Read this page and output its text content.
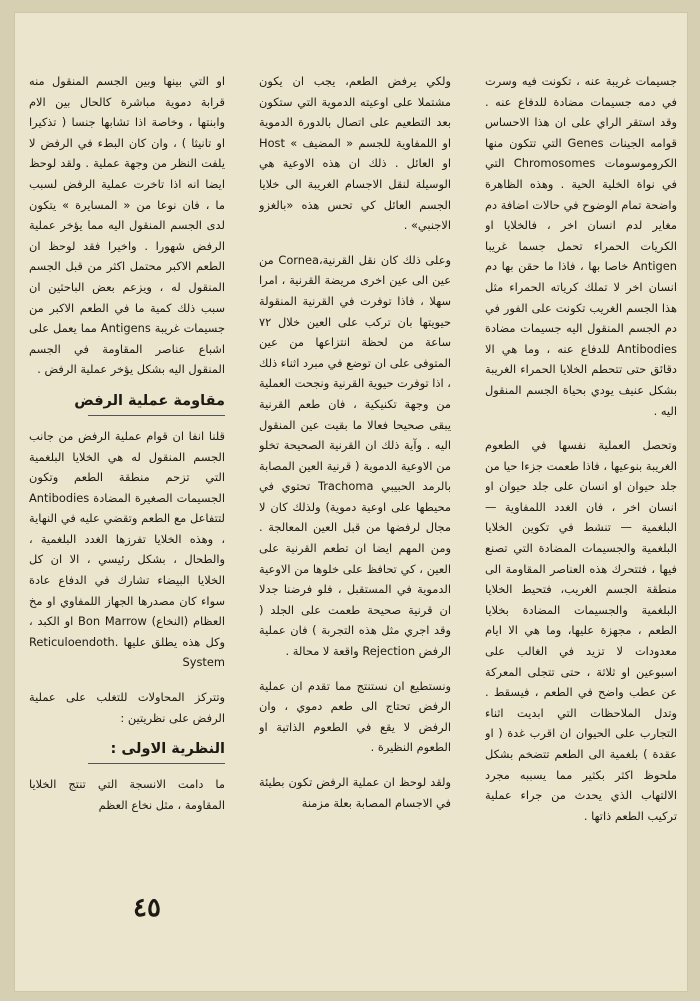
جسيمات غريبة عنه ، تكونت فيه وسرت في دمه جسيمات مضادة للدفاع عنه . وقد استقر الراي على ان هذا الاحساس قوامه الجينات Genes التي تتكون منها الكروموسومات Chromosomes التي في نواة الخلية الحية . وهذه الظاهرة واضحة تمام الوضوح في حالات اضافة دم مغاير لدم انسان اخر ، فالخلايا او الكريات الحمراء تحمل جسما غريبا Antigen خاصا بها ، فاذا ما حقن بها دم انسان اخر لا تملك كرياته الحمراء مثل هذا الجسم الغريب تكونت على الفور في دم الجسم المنقول اليه جسيمات مضادة Antibodies للدفاع عنه ، وما هي الا دقائق حتى تتحطم الخلايا الحمراء الغريبة بشكل عنيف يودي بحياة الجسم المنقول اليه .

وتحصل العملية نفسها في الطعوم الغريبة بنوعيها ، فاذا طعمت جزءا حيا من جلد حيوان او انسان على جلد حيوان او انسان اخر ، فان الغدد اللمفاوية — البلغمية — تنشط في تكوين الخلايا البلغمية والجسيمات المضادة التي تصنع فيها ، فتتحرك هذه العناصر المقاومة الى منطقة الجسم الغريب، فتحيط الخلايا البلغمية والجسيمات المضادة بخلايا الطعم ، مجهزة عليها، وما هي الا ايام معدودات لا تزيد في الغالب على اسبوعين او ثلاثة ، حتى تتجلى المعركة عن عطب واضح في الطعم ، فيسقط . وتدل الملاحظات التي ابديت اثناء التجارب على الحيوان ان اقرب غدة ( او عقدة ) بلغمية الى الطعم تتضخم بشكل ملحوظ اكثر بكثير مما يسببه مجرد الالتهاب الذي يحدث من جراء عملية تركيب الطعم ذاتها .

ولكي يرفض الطعم، يجب ان يكون مشتملا على اوعيته الدموية التي ستكون بعد التطعيم على اتصال بالدورة الدموية او اللمفاوية للجسم « المضيف » Host او العائل . ذلك ان هذه الاوعية هي الوسيلة لنقل الاجسام الغريبة الى خلايا الجسم العائل كي تحس هذه «بالغزو الاجنبي» .

وعلى ذلك كان نقل القرنية،Cornea من عين الى عين اخرى مريضة القرنية ، امرا سهلا ، فاذا توفرت في القرنية المنقولة حيويتها بان تركب على العين خلال ٧٢ ساعة من لحظة انتزاعها من عين المتوفى على ان توضع في مبرد اثناء ذلك ، اذا توفرت حيوية القرنية ونجحت العملية من وجهة تكنيكية ، فان طعم القرنية يبقى صحيحا فعالا ما بقيت عين المنقول اليه . وآية ذلك ان القرنية الصحيحة تخلو من الاوعية الدموية ( قرنية العين المصابة بالرمد الحبيبي Trachoma تحتوي في محيطها على اوعية دموية) ولذلك كان لا مجال لرفضها من قبل العين المعالجة . ومن المهم ايضا ان تطعم القرنية على العين ، كي تحافظ على خلوها من الاوعية الدموية في المستقبل ، فلو فرضنا جدلا ان قرنية صحيحة طعمت على الجلد ( وقد اجري مثل هذه التجربة ) فان عملية الرفض Rejection واقعة لا محالة .

ونستطيع ان نستنتج مما تقدم ان عملية الرفض تحتاج الى طعم دموي ، وان الرفض لا يقع في الطعوم الذاتية او الطعوم النظيرة .

ولقد لوحظ ان عملية الرفض تكون بطيئة في الاجسام المصابة بعلة مزمنة

او التي بينها وبين الجسم المنقول منه قرابة دموية مباشرة كالحال بين الام وابنتها ، وخاصة اذا تشابها جنسا ( تذكيرا او تانيثا ) ، وان كان البطء في الرفض لا يلفت النظر من وجهة عملية . ولقد لوحظ ايضا انه اذا تاخرت عملية الرفض لسبب ما ، فان نوعا من « المسايرة » يتكون لدى الجسم المنقول اليه مما يؤخر عملية الرفض شهورا . واخيرا فقد لوحظ ان الطعم الاكبر محتمل اكثر من قبل الجسم المنقول له ، ويزعم بعض الباحثين ان سبب ذلك كمية ما في الطعم الاكبر من جسيمات غريبة Antigens مما يعمل على اشباع عناصر المقاومة في الجسم المنقول اليه بشكل يؤخر عملية الرفض .

مقاومة عملية الرفض

قلنا انفا ان قوام عملية الرفض من جانب الجسم المنقول له هي الخلايا البلغمية التي تزحم منطقة الطعم وتكون الجسيمات الصغيرة المضادة Antibodies لتتفاعل مع الطعم وتقضي عليه في النهاية ، وهذه الخلايا تفرزها الغدد البلغمية ، والطحال ، بشكل رئيسي ، الا ان كل الخلايا البيضاء تشارك في الدفاع عادة سواء كان مصدرها الجهاز اللمفاوي او مخ العظام (النخاع) Bon Marrow او الكبد ، وكل هذه يطلق عليها Reticuloendoth. System

وتتركز المحاولات للتغلب على عملية الرفض على نظريتين :

النظرية الاولى :

ما دامت الانسجة التي تنتج الخلايا المقاومة ، مثل نخاع العظم

٤٥
